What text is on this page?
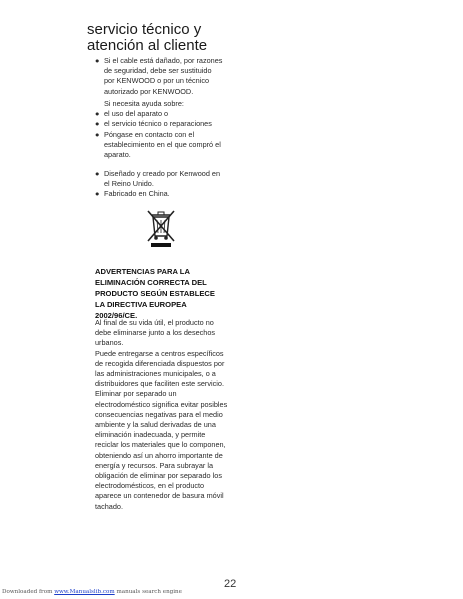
servicio técnico y
atención al cliente
● Si el cable está dañado, por razones
de seguridad, debe ser sustituido
por KENWOOD o por un técnico
autorizado por KENWOOD.
Si necesita ayuda sobre:
● el uso del aparato o
● el servicio técnico o reparaciones
● Póngase en contacto con el
establecimiento en el que compró el
aparato.
● Diseñado y creado por Kenwood en
el Reino Unido.
● Fabricado en China.
ADVERTENCIAS PARA LA
ELIMINACIÓN CORRECTA DEL
PRODUCTO SEGÚN ESTABLECE
LA DIRECTIVA EUROPEA
2002/96/CE.
Al final de su vida útil, el producto no
debe eliminarse junto a los desechos
urbanos.
Puede entregarse a centros específicos
de recogida diferenciada dispuestos por
las administraciones municipales, o a
distribuidores que faciliten este servicio.
Eliminar por separado un
electrodoméstico significa evitar posibles
consecuencias negativas para el medio
ambiente y la salud derivadas de una
eliminación inadecuada, y permite
reciclar los materiales que lo componen,
obteniendo así un ahorro importante de
energía y recursos. Para subrayar la
obligación de eliminar por separado los
electrodomésticos, en el producto
aparece un contenedor de basura móvil
tachado.
22
Downloaded from www.Manualslib.com manuals search engine
